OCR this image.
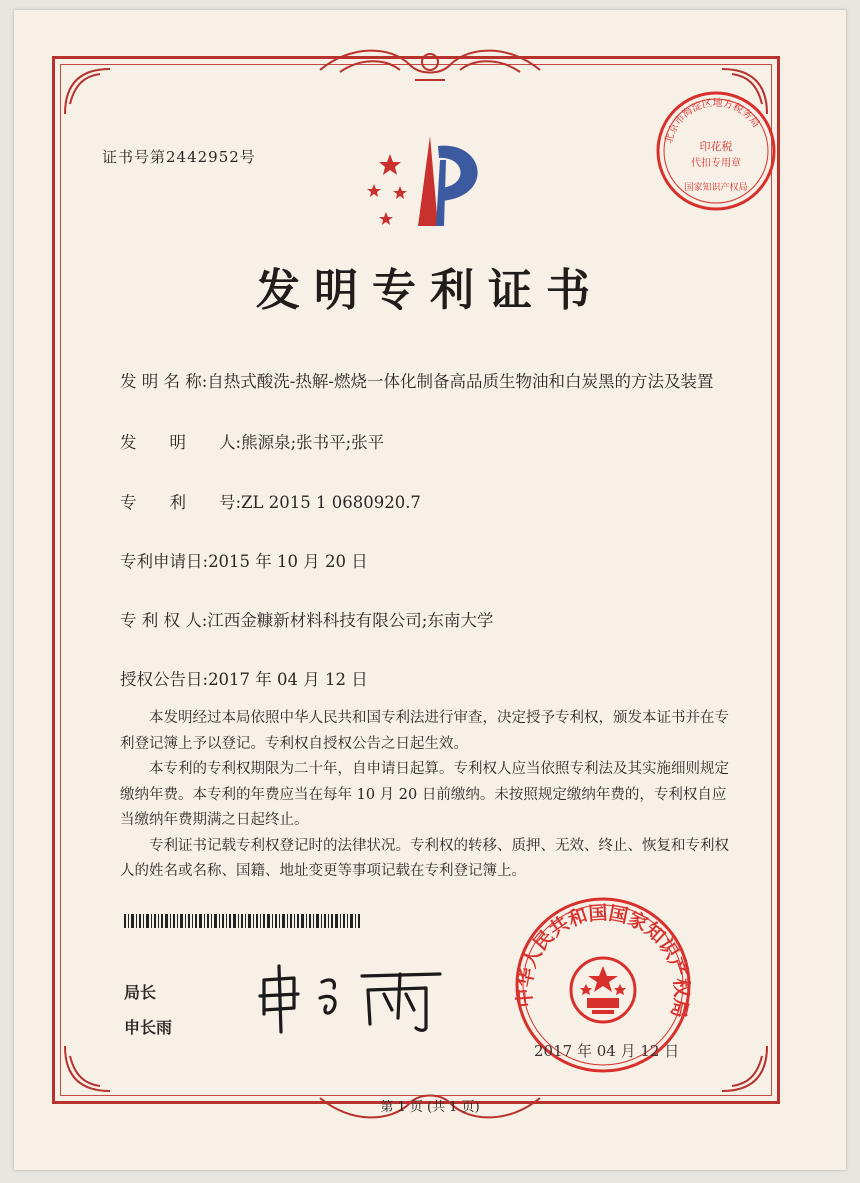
证书号第2442952号
北京市海淀区地方税务局
印花税
代扣专用章
国家知识产权局
发明专利证书
发 明 名 称:自热式酸洗-热解-燃烧一体化制备高品质生物油和白炭黑的方法及装置
发　　明　　人:熊源泉;张书平;张平
专　　利　　号:ZL 2015 1 0680920.7
专利申请日:2015 年 10 月 20 日
专 利 权 人:江西金糠新材料科技有限公司;东南大学
授权公告日:2017 年 04 月 12 日

本发明经过本局依照中华人民共和国专利法进行审查，决定授予专利权，颁发本证书并在专利登记簿上予以登记。专利权自授权公告之日起生效。

本专利的专利权期限为二十年，自申请日起算。专利权人应当依照专利法及其实施细则规定缴纳年费。本专利的年费应当在每年 10 月 20 日前缴纳。未按照规定缴纳年费的，专利权自应当缴纳年费期满之日起终止。

专利证书记载专利权登记时的法律状况。专利权的转移、质押、无效、终止、恢复和专利权人的姓名或名称、国籍、地址变更等事项记载在专利登记簿上。

局长
申长雨
中华人民共和国国家知识产权局
2017 年 04 月 12 日
第 1 页 (共 1 页)
